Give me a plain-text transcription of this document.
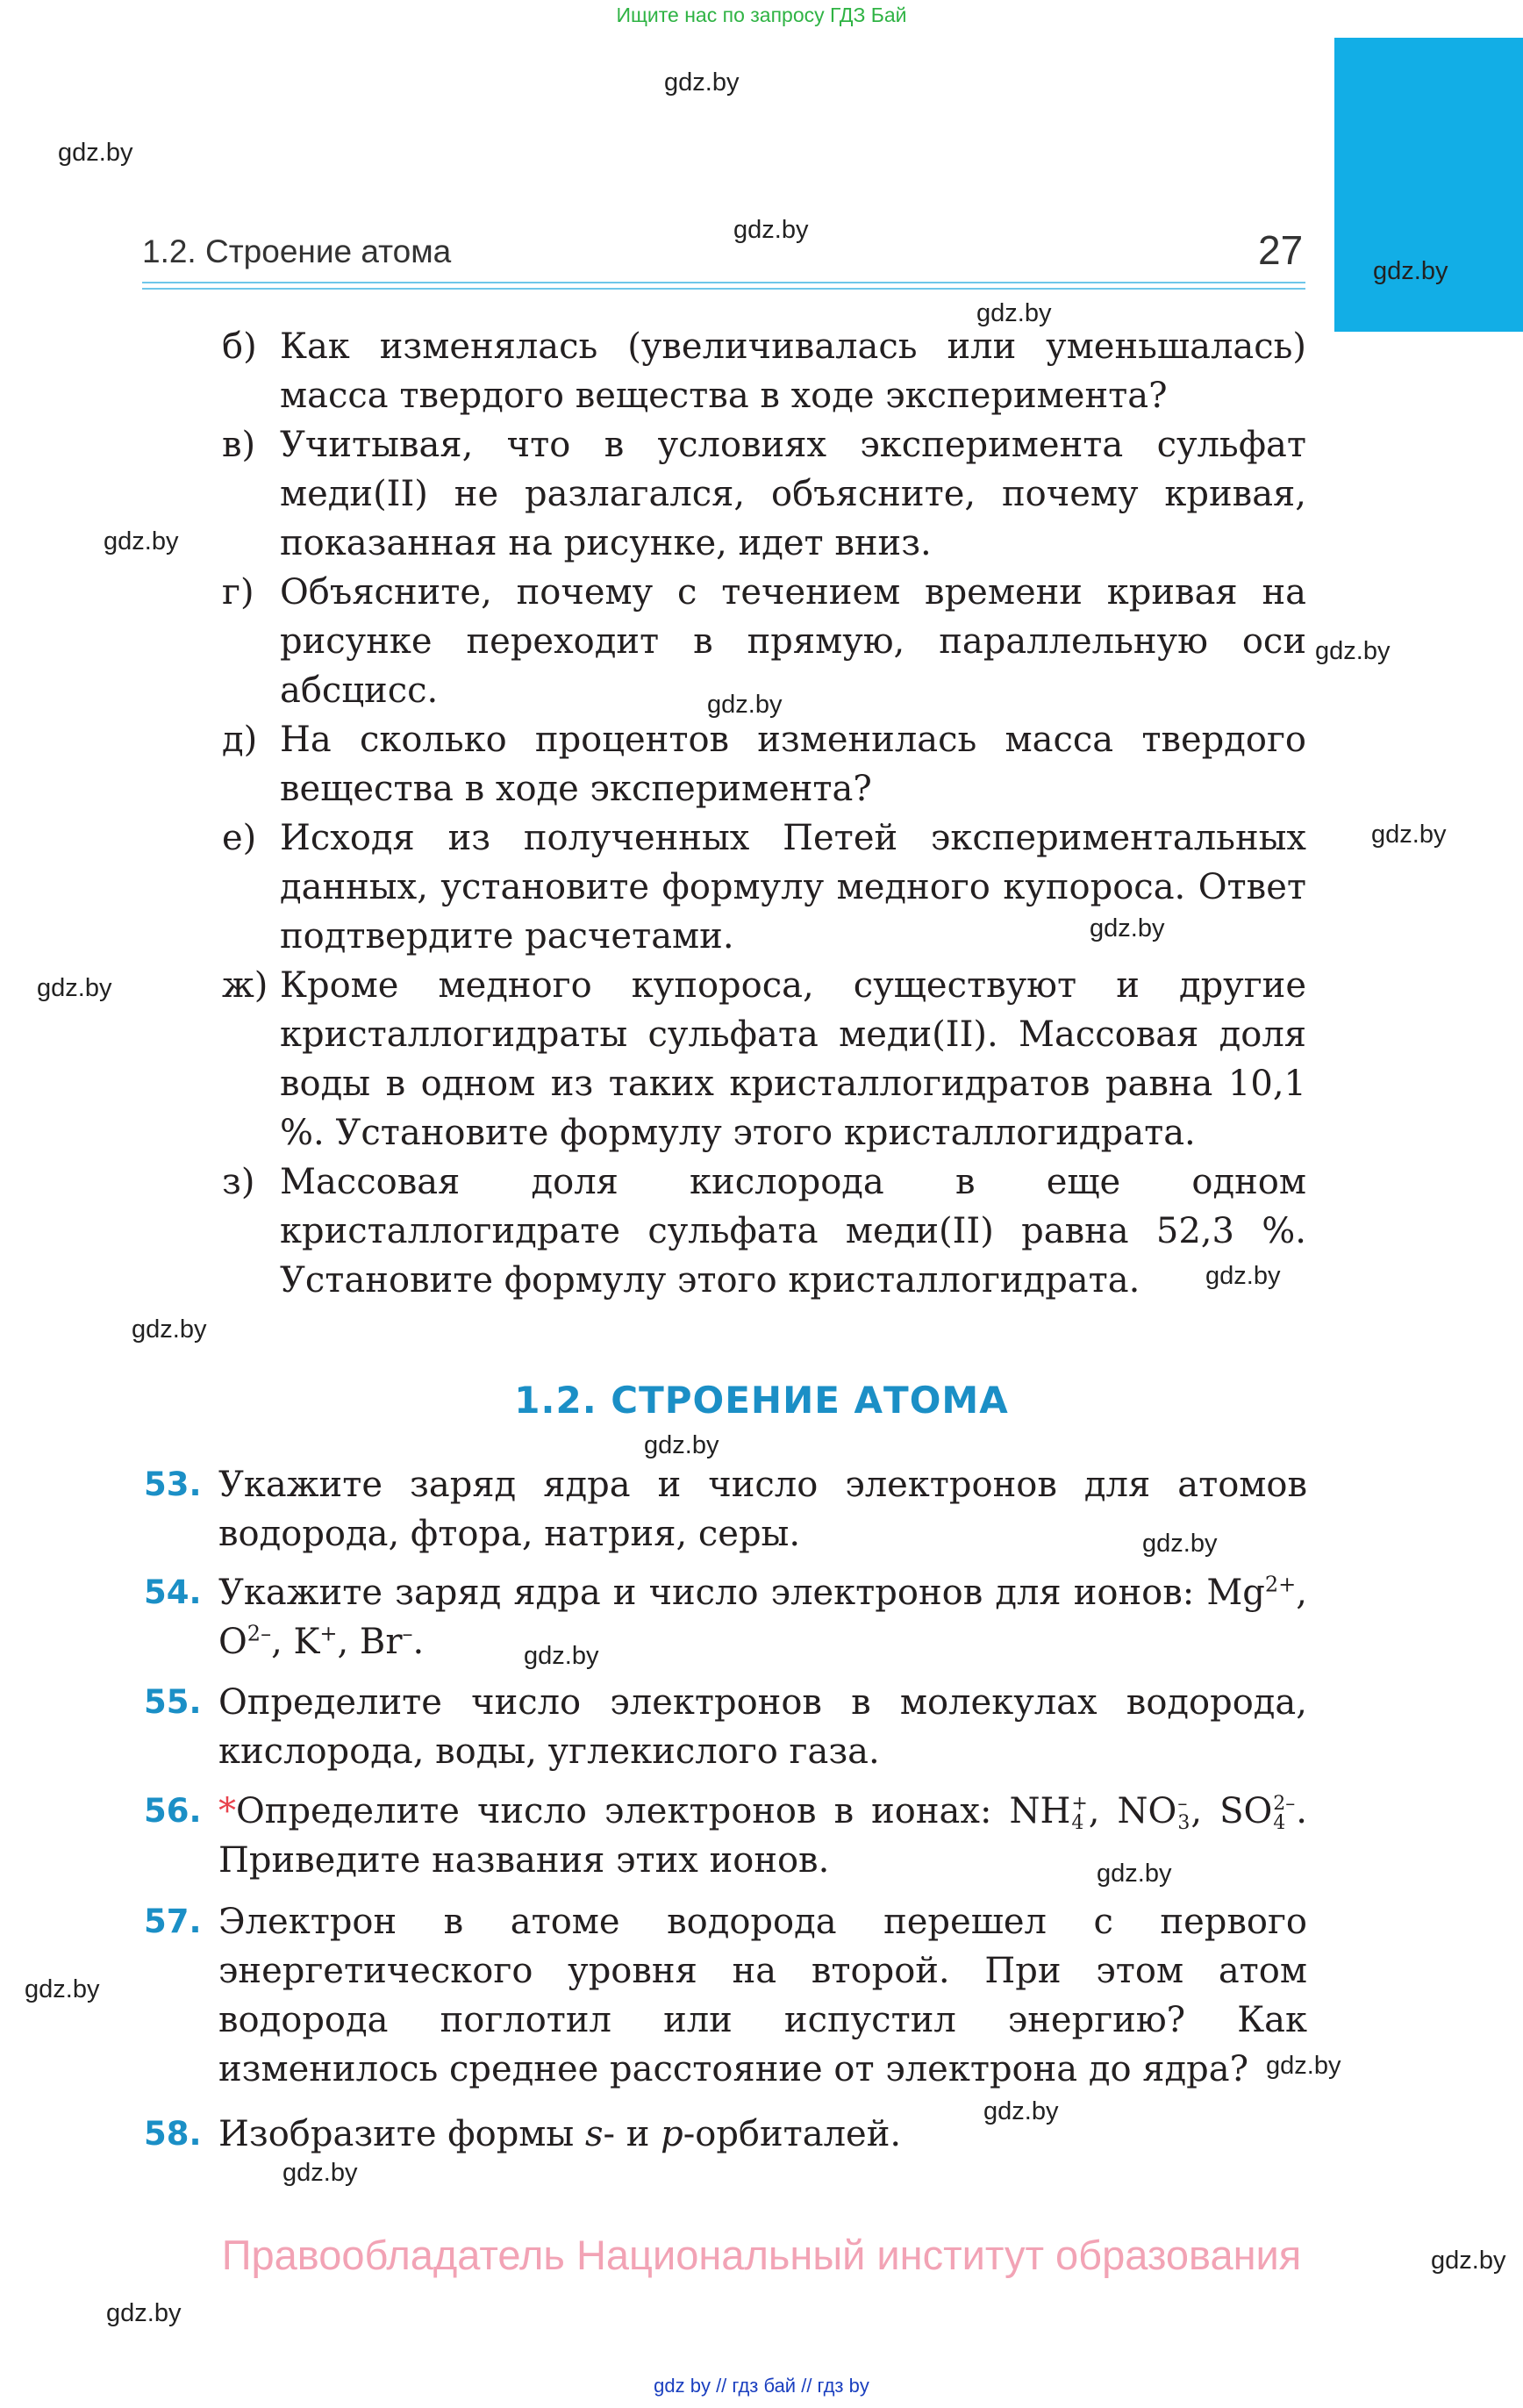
Ищите нас по запросу ГДЗ Бай
gdz.by
gdz.by
gdz.by
gdz.by
gdz.by
gdz.by
gdz.by
gdz.by
gdz.by
gdz.by
gdz.by
gdz.by
gdz.by
gdz.by
gdz.by
gdz.by
gdz.by
gdz.by
gdz.by
gdz.by
gdz.by
gdz.by
gdz.by
1.2. Строение атома	27
б) Как изменялась (увеличивалась или уменьшалась) масса твердого вещества в ходе эксперимента?
в) Учитывая, что в условиях эксперимента сульфат меди(II) не разлагался, объясните, почему кривая, показанная на рисунке, идет вниз.
г) Объясните, почему с течением времени кривая на рисунке переходит в прямую, параллельную оси абсцисс.
д) На сколько процентов изменилась масса твердого вещества в ходе эксперимента?
е) Исходя из полученных Петей экспериментальных данных, установите формулу медного купороса. Ответ подтвердите расчетами.
ж) Кроме медного купороса, существуют и другие кристаллогидраты сульфата меди(II). Массовая доля воды в одном из таких кристаллогидратов равна 10,1 %. Установите формулу этого кристаллогидрата.
з) Массовая доля кислорода в еще одном кристаллогидрате сульфата меди(II) равна 52,3 %. Установите формулу этого кристаллогидрата.
1.2. СТРОЕНИЕ АТОМА
53. Укажите заряд ядра и число электронов для атомов водорода, фтора, натрия, серы.
54. Укажите заряд ядра и число электронов для ионов: $Mg^{2+}$, $O^{2-}$, K+, Br–.
55. Определите число электронов в молекулах водорода, кислорода, воды, углекислого газа.
56. *Определите число электронов в ионах: NH +
4 , NO –
3 , SO 2–
4 . Приведите названия этих ионов.
57. Электрон в атоме водорода перешел с первого энергетического уровня на второй. При этом атом водорода поглотил или испустил энергию? Как изменилось среднее расстояние от электрона до ядра?
58. Изобразите формы s- и p-орбиталей.
Правообладатель Национальный институт образования
gdz by // гдз бай // гдз by
